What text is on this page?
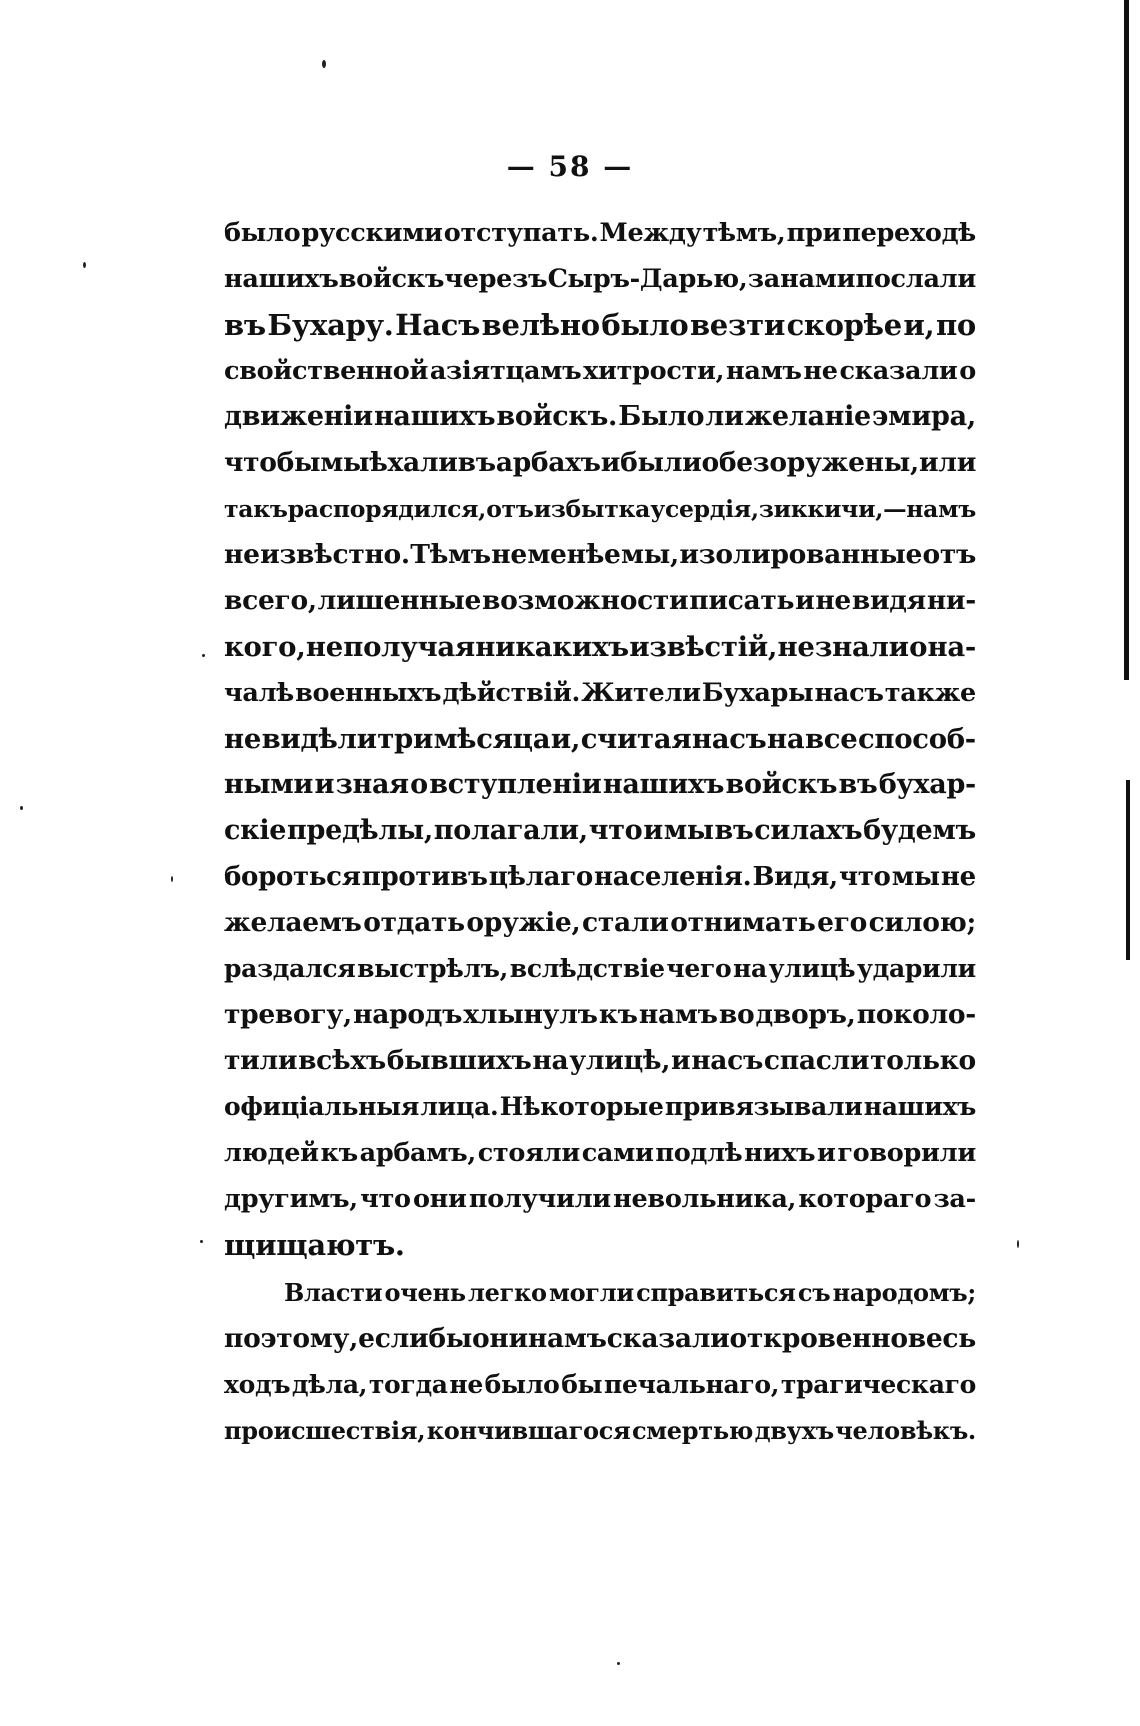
— 58 —
было русскими отступать. Между тѣмъ, при переходѣ
нашихъ войскъ черезъ Сыръ-Дарью, за нами послали
въ Бухару. Насъ велѣно было везти скорѣе и, по
свойственной азіятцамъ хитрости, намъ не сказали о
движеніи нашихъ войскъ. Было ли желаніе эмира,
чтобы мы ѣхали въ арбахъ и были обезоружены, или
такъ распорядился, отъ избытка усердія, зиккичи,—намъ
не извѣстно. Тѣмъ не менѣе мы, изолированные отъ
всего, лишенные возможности писать и не видя ни-
кого, не получая никакихъ извѣстій, не знали о на-
чалѣ военныхъ дѣйствій. Жители Бухары насъ также
не видѣли три мѣсяца и, считая насъ на все способ-
ными и зная о вступленіи нашихъ войскъ въ бухар-
скіе предѣлы, полагали, что и мы въ силахъ будемъ
бороться противъ цѣлаго населенія. Видя, что мы не
желаемъ отдать оружіе, стали отнимать его силою;
раздался выстрѣлъ, вслѣдствіе чего на улицѣ ударили
тревогу, народъ хлынулъ къ намъ во дворъ, поколо-
тили всѣхъ бывшихъ на улицѣ, и насъ спасли только
офиціальныя лица. Нѣкоторые привязывали нашихъ
людей къ арбамъ, стояли сами подлѣ нихъ и говорили
другимъ, что они получили невольника, котораго за-
щищаютъ.
Власти очень легко могли справиться съ народомъ;
поэтому, если бы они намъ сказали откровенно весь
ходъ дѣла, тогда не было бы печальнаго, трагическаго
происшествія, кончившагося смертью двухъ человѣкъ.
